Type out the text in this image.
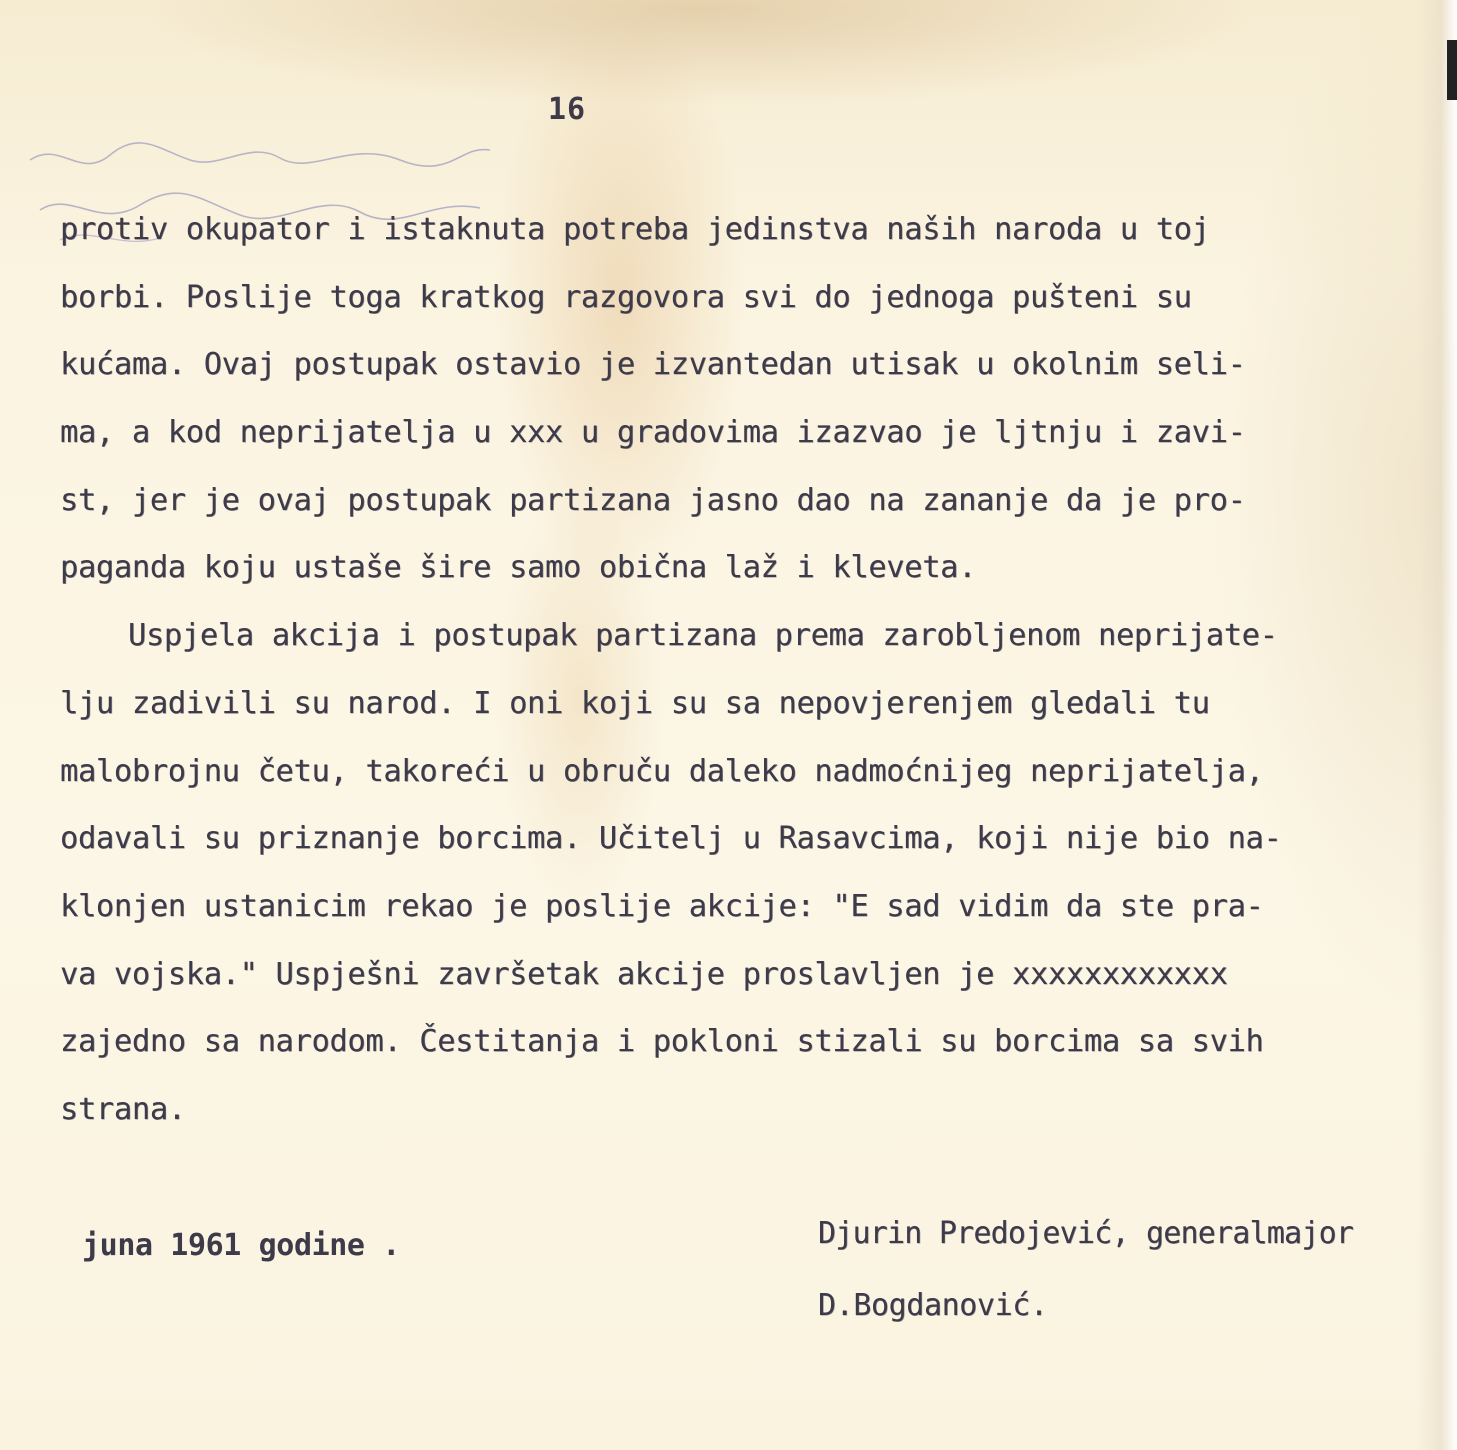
16
protiv okupator i istaknuta potreba jedinstva naših naroda u toj
borbi. Poslije toga kratkog razgovora svi do jednoga pušteni su
kućama. Ovaj postupak ostavio je izvantedan utisak u okolnim seli-
ma, a kod neprijatelja u xxx u gradovima izazvao je ljtnju i zavi-
st, jer je ovaj postupak partizana jasno dao na zananje da je pro-
paganda koju ustaše šire samo obična laž i kleveta.
Uspjela akcija i postupak partizana prema zarobljenom neprijate-
lju zadivili su narod. I oni koji su sa nepovjerenjem gledali tu
malobrojnu četu, takoreći u obruču daleko nadmoćnijeg neprijatelja,
odavali su priznanje borcima. Učitelj u Rasavcima, koji nije bio na-
klonjen ustanicim rekao je poslije akcije: "E sad vidim da ste pra-
va vojska." Uspješni završetak akcije proslavljen je xxxxxxxxxxxx
zajedno sa narodom. Čestitanja i pokloni stizali su borcima sa svih
strana.
juna 1961 godine .	Djurin Predojević, generalmajor
D.Bogdanović.
